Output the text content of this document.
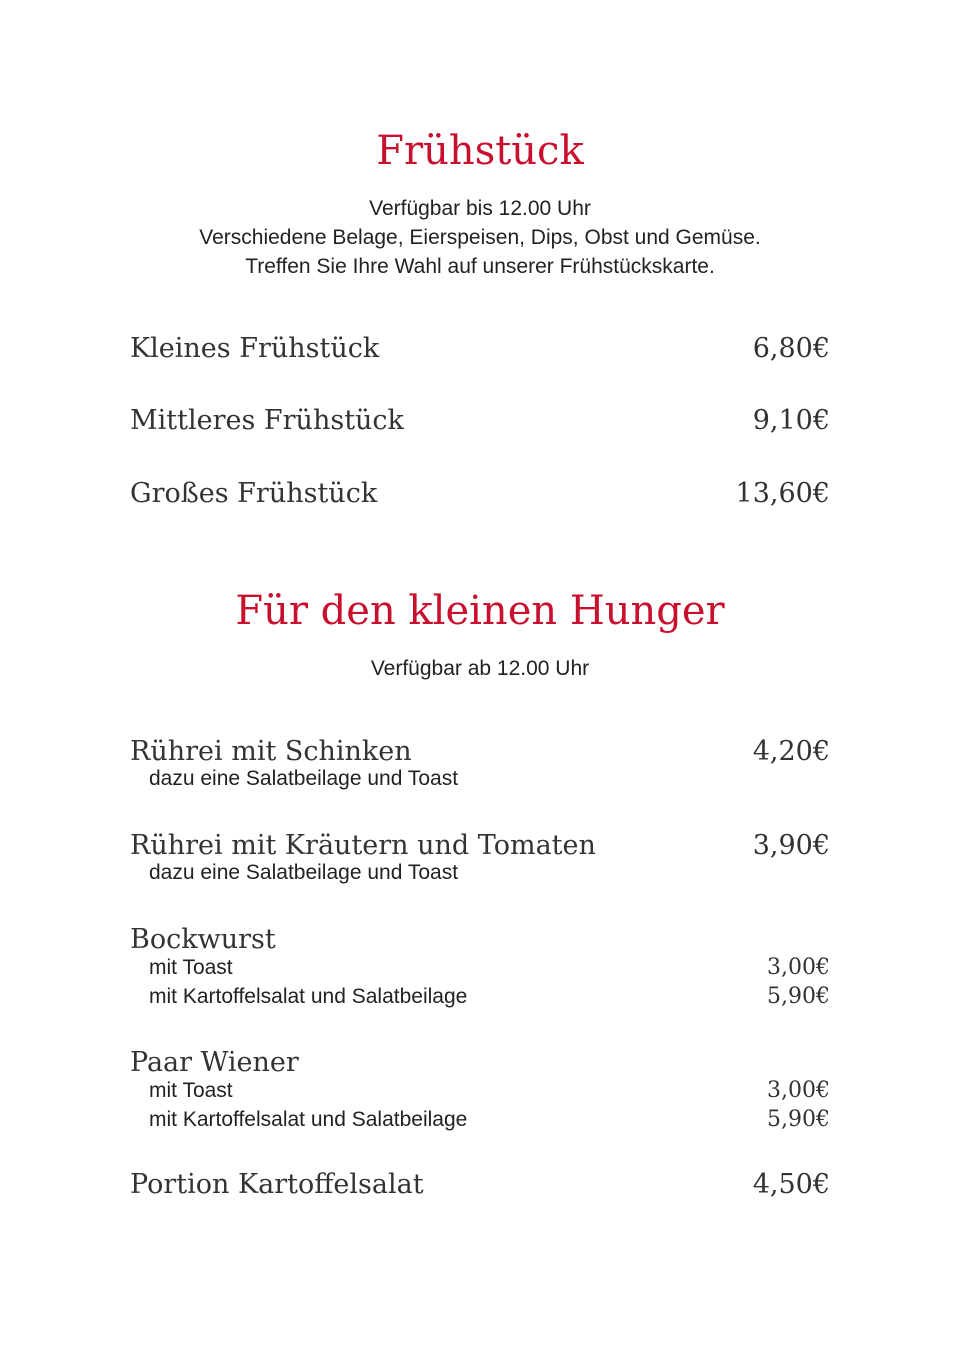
Frühstück
Verfügbar bis 12.00 Uhr
Verschiedene Belage, Eierspeisen, Dips, Obst und Gemüse.
Treffen Sie Ihre Wahl auf unserer Frühstückskarte.
Kleines Frühstück	6,80€
Mittleres Frühstück	9,10€
Großes Frühstück	13,60€
Für den kleinen Hunger
Verfügbar ab 12.00 Uhr
Rührei mit Schinken	4,20€
dazu eine Salatbeilage und Toast
Rührei mit Kräutern und Tomaten	3,90€
dazu eine Salatbeilage und Toast
Bockwurst
mit Toast	3,00€
mit Kartoffelsalat und Salatbeilage	5,90€
Paar Wiener
mit Toast	3,00€
mit Kartoffelsalat und Salatbeilage	5,90€
Portion Kartoffelsalat	4,50€
